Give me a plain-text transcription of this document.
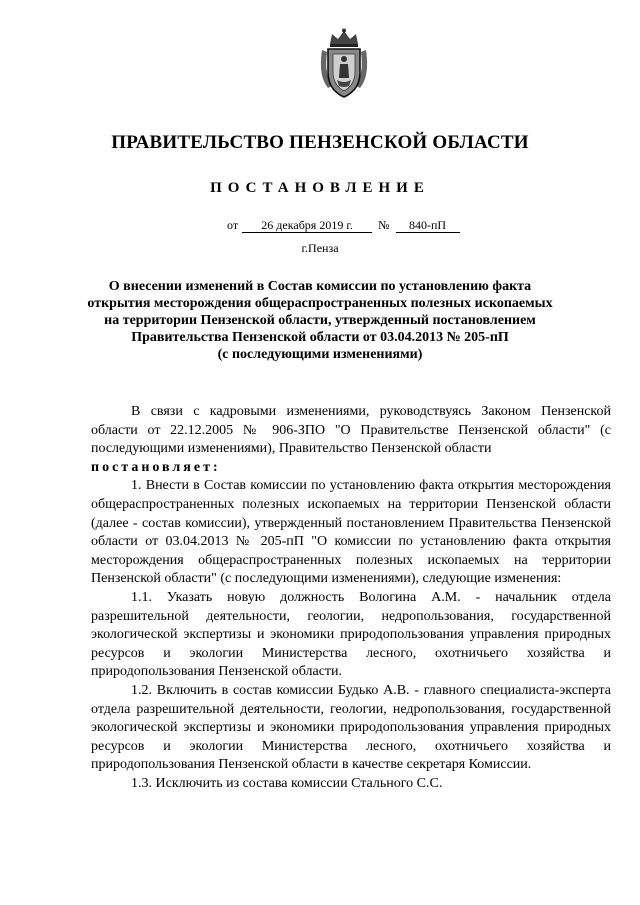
ПРАВИТЕЛЬСТВО ПЕНЗЕНСКОЙ ОБЛАСТИ
ПОСТАНОВЛЕНИЕ
от 26 декабря 2019 г. № 840-пП
г.Пенза
О внесении изменений в Состав комиссии по установлению факта
открытия месторождения общераспространенных полезных ископаемых
на территории Пензенской области, утвержденный постановлением
Правительства Пензенской области от 03.04.2013 № 205-пП
(с последующими изменениями)

В связи с кадровыми изменениями, руководствуясь Законом Пензенской области от 22.12.2005 № 906-ЗПО "О Правительстве Пензенской области" (с последующими изменениями), Правительство Пензенской области

постановляет:

1. Внести в Состав комиссии по установлению факта открытия месторождения общераспространенных полезных ископаемых на территории Пензенской области (далее - состав комиссии), утвержденный постановлением Правительства Пензенской области от 03.04.2013 № 205-пП "О комиссии по установлению факта открытия месторождения общераспространенных полезных ископаемых на территории Пензенской области" (с последующими изменениями), следующие изменения:

1.1. Указать новую должность Вологина А.М. - начальник отдела разрешительной деятельности, геологии, недропользования, государственной экологической экспертизы и экономики природопользования управления природных ресурсов и экологии Министерства лесного, охотничьего хозяйства и природопользования Пензенской области.

1.2. Включить в состав комиссии Будько А.В. - главного специалиста-эксперта отдела разрешительной деятельности, геологии, недропользования, государственной экологической экспертизы и экономики природопользования управления природных ресурсов и экологии Министерства лесного, охотничьего хозяйства и природопользования Пензенской области в качестве секретаря Комиссии.

1.3. Исключить из состава комиссии Стального С.С.
